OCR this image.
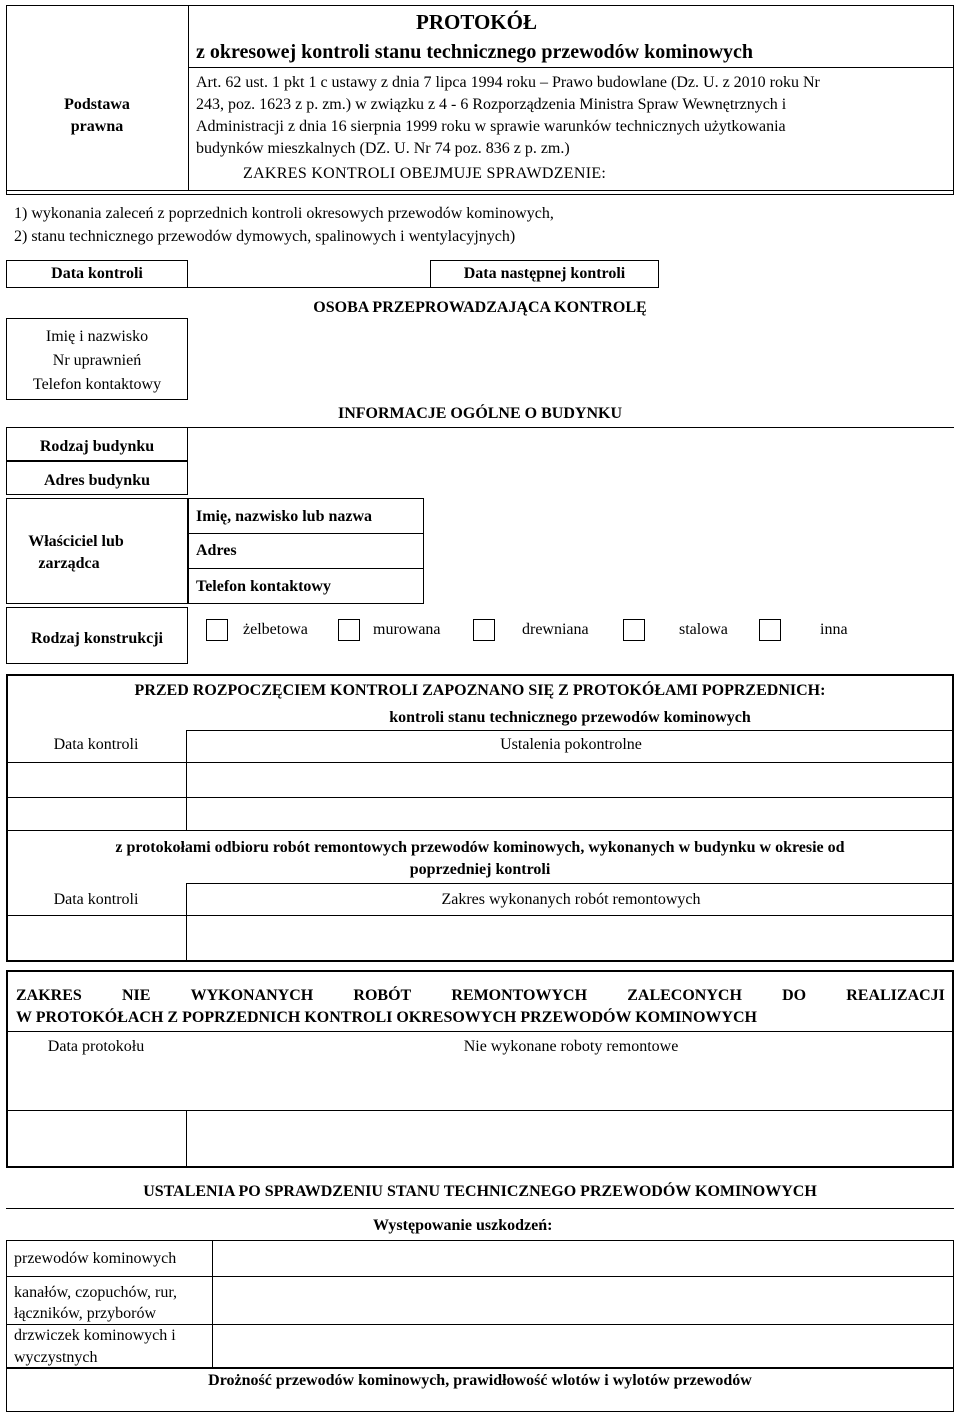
PROTOKÓŁ
z okresowej kontroli stanu technicznego przewodów kominowych
Podstawa
prawna
Art. 62 ust. 1 pkt 1 c ustawy z dnia 7 lipca 1994 roku – Prawo budowlane (Dz. U. z 2010 roku Nr
243, poz. 1623 z p. zm.) w związku z 4 - 6 Rozporządzenia Ministra Spraw Wewnętrznych i
Administracji z dnia 16 sierpnia 1999 roku w sprawie warunków technicznych użytkowania
budynków mieszkalnych (DZ. U. Nr 74 poz. 836 z p. zm.)
ZAKRES KONTROLI OBEJMUJE SPRAWDZENIE:
1) wykonania zaleceń z poprzednich kontroli okresowych przewodów kominowych,
2) stanu technicznego przewodów dymowych, spalinowych i wentylacyjnych)
Data kontroli	Data następnej kontroli
OSOBA PRZEPROWADZAJĄCA KONTROLĘ
Imię i nazwisko
Nr uprawnień
Telefon kontaktowy
INFORMACJE OGÓLNE O BUDYNKU
Rodzaj budynku
Adres budynku
Właściciel lub
zarządca
Imię, nazwisko lub nazwa
Adres
Telefon kontaktowy
Rodzaj konstrukcji
żelbetowa	murowana	drewniana	stalowa	inna
PRZED ROZPOCZĘCIEM KONTROLI ZAPOZNANO SIĘ Z PROTOKÓŁAMI POPRZEDNICH:
kontroli stanu technicznego przewodów kominowych
Data kontroli	Ustalenia pokontrolne
z protokołami odbioru robót remontowych przewodów kominowych, wykonanych w budynku w okresie od
poprzedniej kontroli
Data kontroli	Zakres wykonanych robót remontowych
ZAKRES	NIE	WYKONANYCH	ROBÓT	REMONTOWYCH	ZALECONYCH	DO	REALIZACJI
W PROTOKÓŁACH Z POPRZEDNICH KONTROLI OKRESOWYCH PRZEWODÓW KOMINOWYCH
Data protokołu	Nie wykonane roboty remontowe
USTALENIA PO SPRAWDZENIU STANU TECHNICZNEGO PRZEWODÓW KOMINOWYCH
Występowanie uszkodzeń:
przewodów kominowych
kanałów, czopuchów, rur,
łączników, przyborów
drzwiczek kominowych i
wyczystnych
Drożność przewodów kominowych, prawidłowość wlotów i wylotów przewodów
